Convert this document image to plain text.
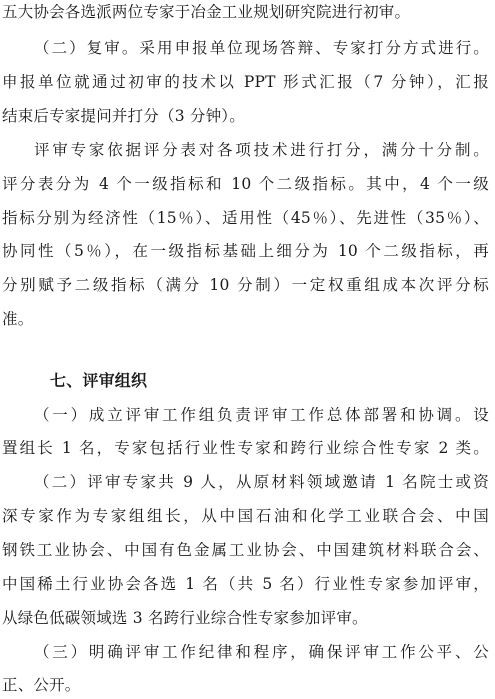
五大协会各选派两位专家于冶金工业规划研究院进行初审。
（二）复审。采用申报单位现场答辩、专家打分方式进行。
申报单位就通过初审的技术以 PPT 形式汇报（7 分钟），汇报
结束后专家提问并打分（3 分钟）。
评审专家依据评分表对各项技术进行打分，满分十分制。
评分表分为 4 个一级指标和 10 个二级指标。其中，4 个一级
指标分别为经济性（15％）、适用性（45％）、先进性（35％）、
协同性（5％），在一级指标基础上细分为 10 个二级指标，再
分别赋予二级指标（满分 10 分制）一定权重组成本次评分标
准。
七、评审组织
（一）成立评审工作组负责评审工作总体部署和协调。设
置组长 1 名，专家包括行业性专家和跨行业综合性专家 2 类。
（二）评审专家共 9 人，从原材料领域邀请 1 名院士或资
深专家作为专家组组长，从中国石油和化学工业联合会、中国
钢铁工业协会、中国有色金属工业协会、中国建筑材料联合会、
中国稀土行业协会各选 1 名（共 5 名）行业性专家参加评审，
从绿色低碳领域选 3 名跨行业综合性专家参加评审。
（三）明确评审工作纪律和程序，确保评审工作公平、公
正、公开。
